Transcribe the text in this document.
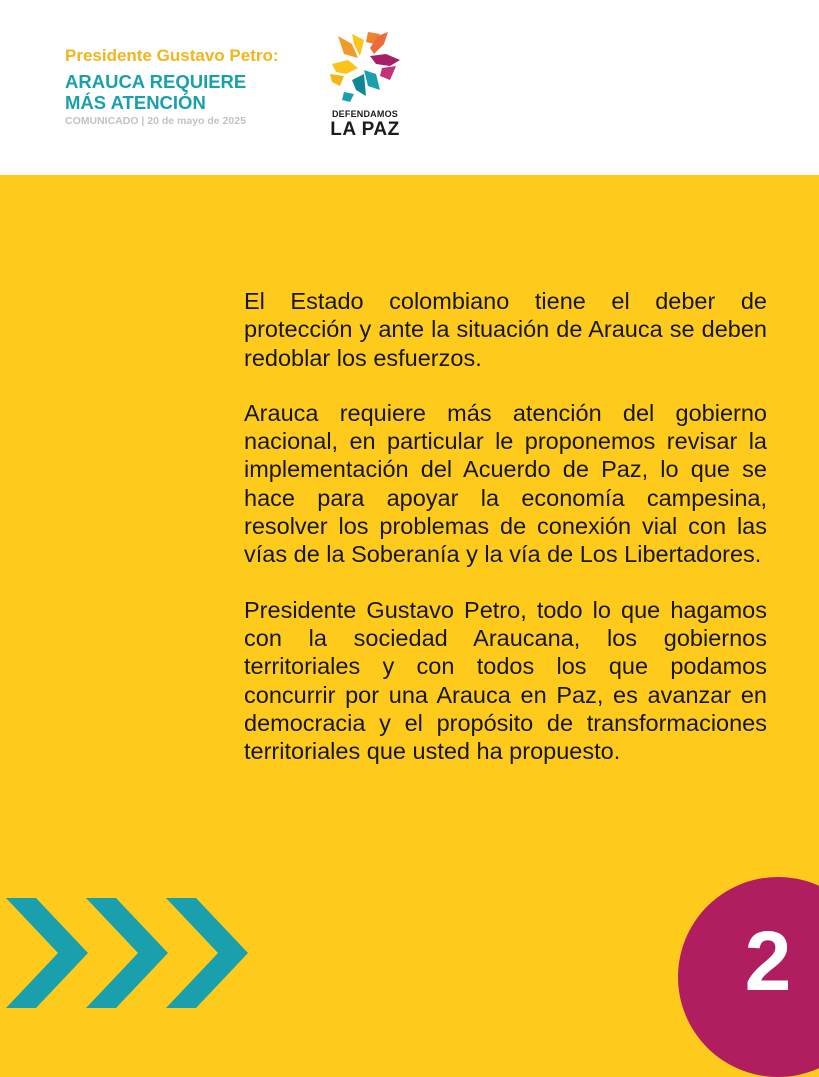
Presidente Gustavo Petro:
ARAUCA REQUIERE
MÁS ATENCIÓN
COMUNICADO | 20 de mayo de 2025
DEFENDAMOS
LA PAZ

El Estado colombiano tiene el deber de protección y ante la situación de Arauca se deben redoblar los esfuerzos.

Arauca requiere más atención del gobierno nacional, en particular le proponemos revisar la implementación del Acuerdo de Paz, lo que se hace para apoyar la economía campesina, resolver los problemas de conexión vial con las vías de la Soberanía y la vía de Los Libertadores.

Presidente Gustavo Petro, todo lo que hagamos con la sociedad Araucana, los gobiernos territoriales y con todos los que podamos concurrir por una Arauca en Paz, es avanzar en democracia y el propósito de transformaciones territoriales que usted ha propuesto.

2
